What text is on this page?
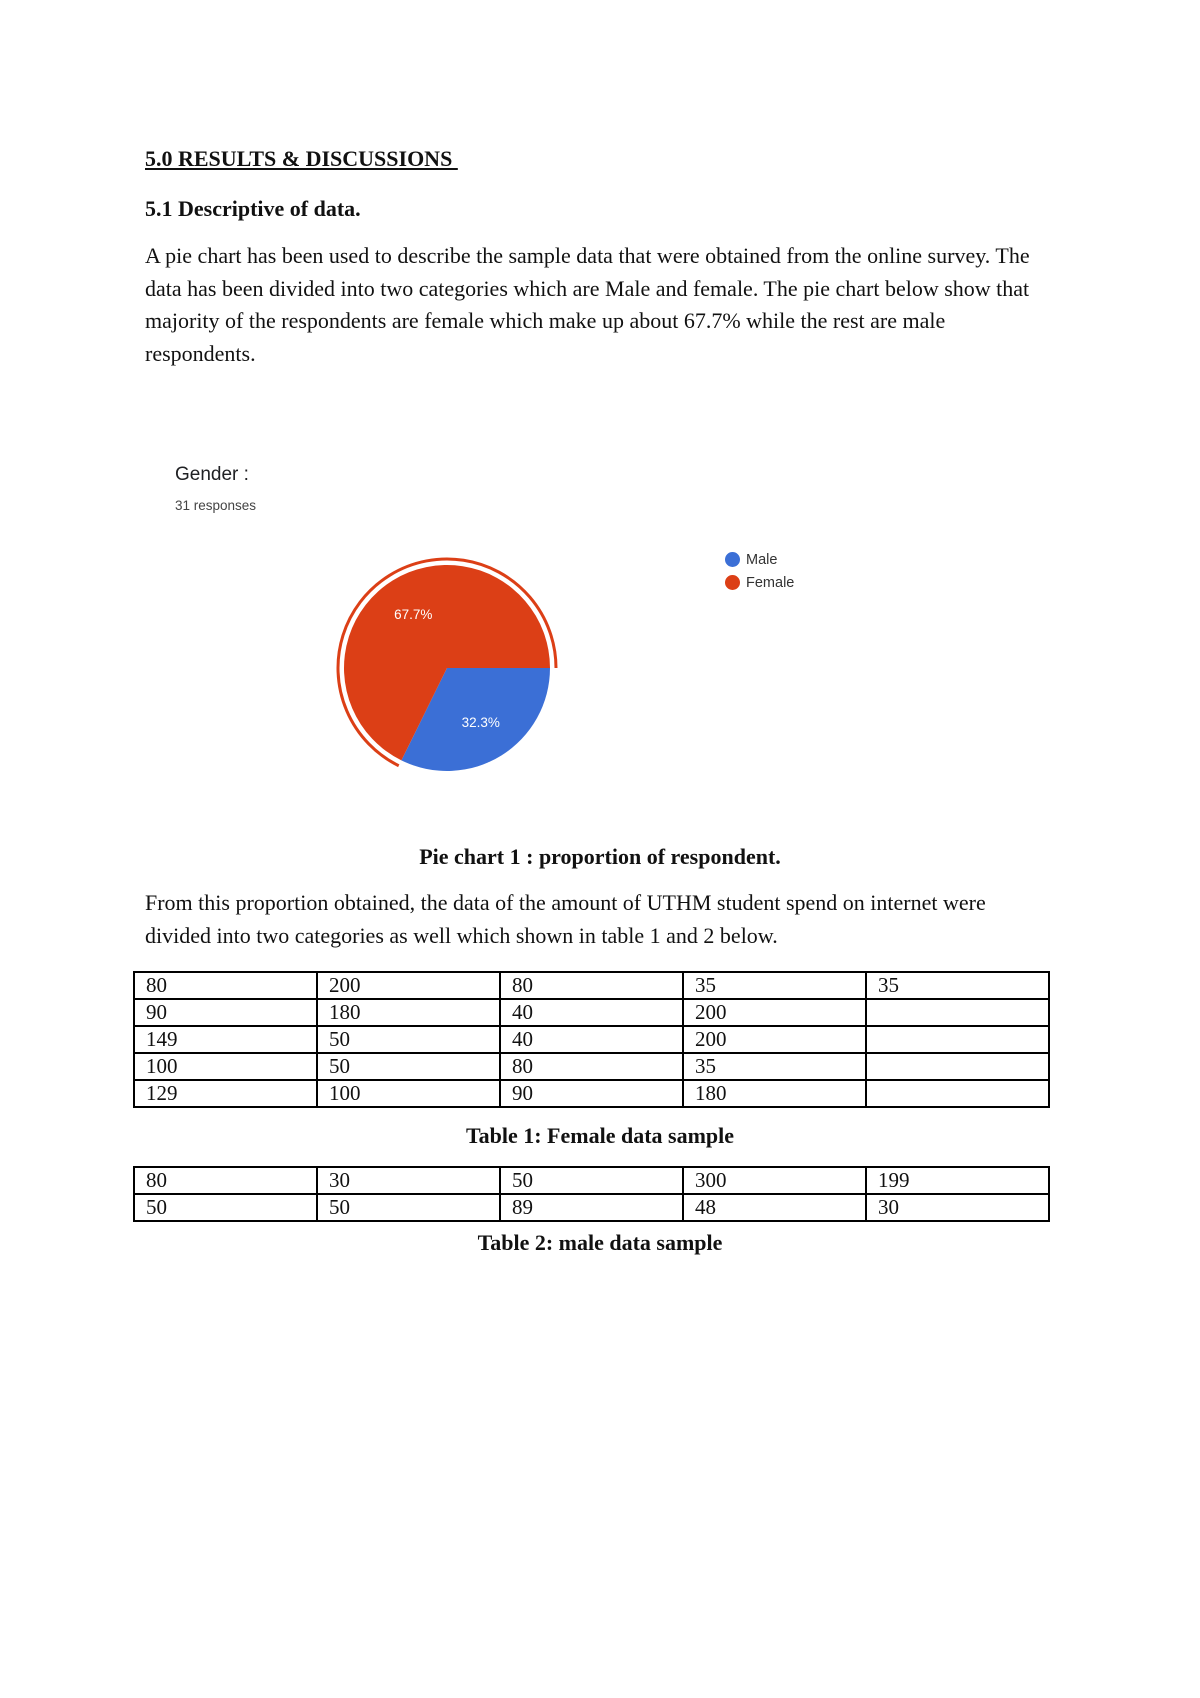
5.0 RESULTS & DISCUSSIONS
5.1 Descriptive of data.

A pie chart has been used to describe the sample data that were obtained from the online survey. The data has been divided into two categories which are Male and female. The pie chart below show that majority of the respondents are female which make up about 67.7% while the rest are male respondents.

32.3%
67.7%
Gender :
31 responses
Male
Female
Pie chart 1 : proportion of respondent.

From this proportion obtained, the data of the amount of UTHM student spend on internet were divided into two categories as well which shown in table 1 and 2 below.

80	200	80	35	35
90	180	40	200	
149	50	40	200	
100	50	80	35	
129	100	90	180	
Table 1: Female data sample
80	30	50	300	199
50	50	89	48	30
Table 2: male data sample
